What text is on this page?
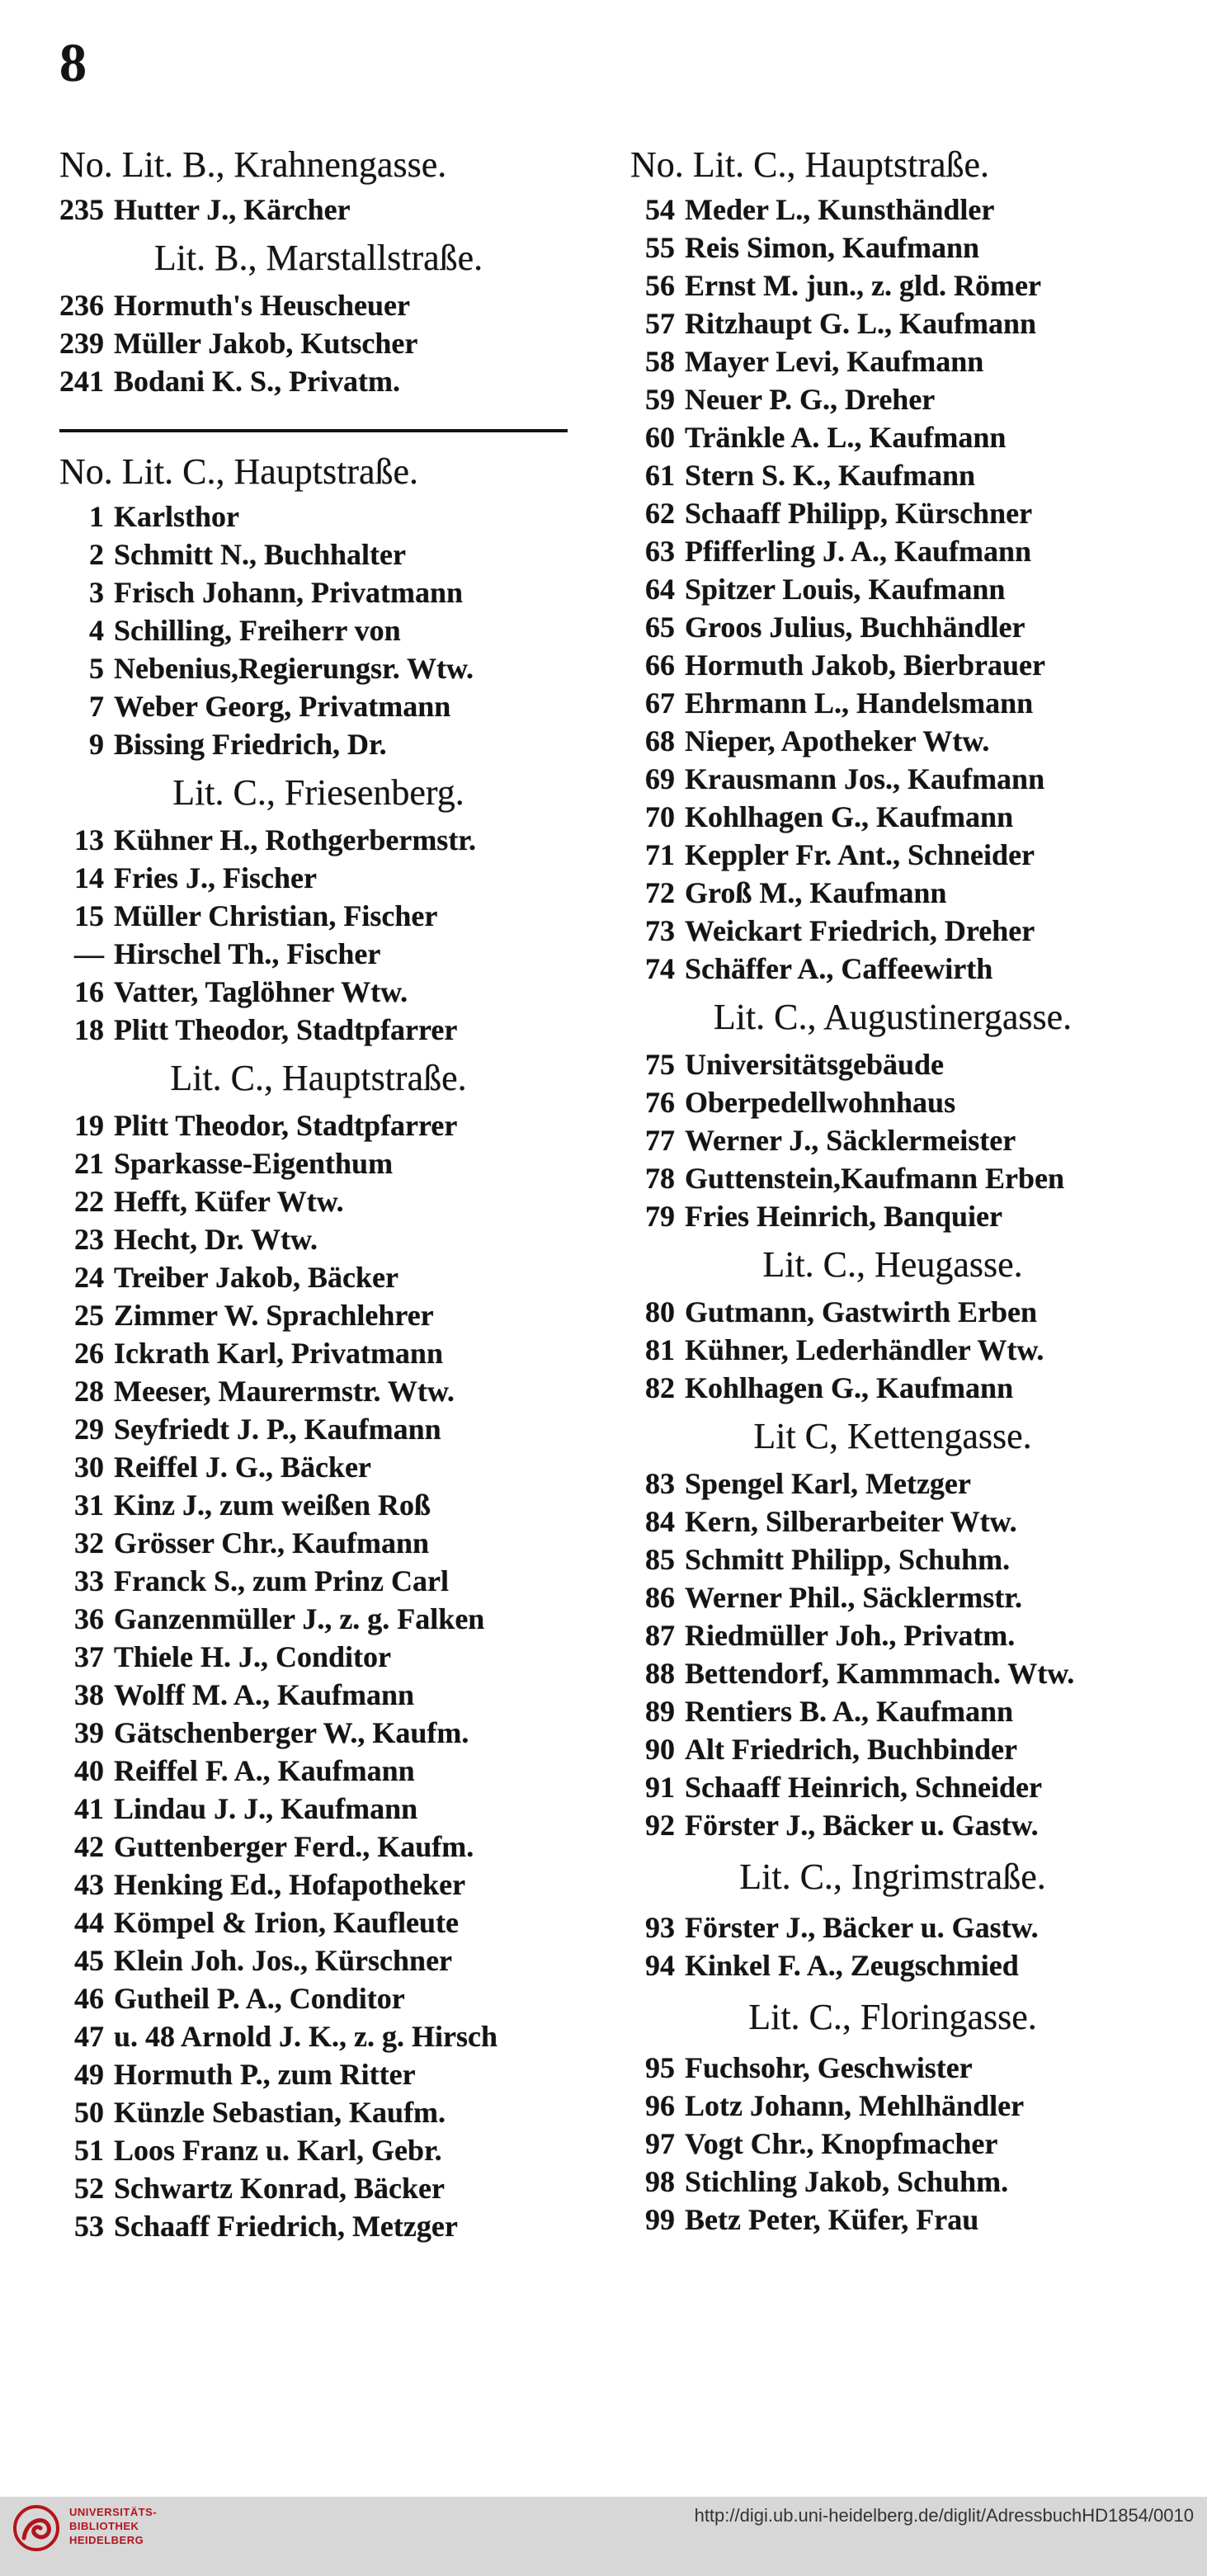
8
No. Lit. B., Krahnengasse.
235 Hutter J., Kärcher
Lit. B., Marstallstraße.
236 Hormuth's Heuscheuer
239 Müller Jakob, Kutscher
241 Bodani K. S., Privatm.
No. Lit. C., Hauptstraße.
1 Karlsthor
2 Schmitt N., Buchhalter
3 Frisch Johann, Privatmann
4 Schilling, Freiherr von
5 Nebenius,Regierungsr. Wtw.
7 Weber Georg, Privatmann
9 Bissing Friedrich, Dr.
Lit. C., Friesenberg.
13 Kühner H., Rothgerbermstr.
14 Fries J., Fischer
15 Müller Christian, Fischer
— Hirschel Th., Fischer
16 Vatter, Taglöhner Wtw.
18 Plitt Theodor, Stadtpfarrer
Lit. C., Hauptstraße.
19 Plitt Theodor, Stadtpfarrer
21 Sparkasse-Eigenthum
22 Hefft, Küfer Wtw.
23 Hecht, Dr. Wtw.
24 Treiber Jakob, Bäcker
25 Zimmer W. Sprachlehrer
26 Ickrath Karl, Privatmann
28 Meeser, Maurermstr. Wtw.
29 Seyfriedt J. P., Kaufmann
30 Reiffel J. G., Bäcker
31 Kinz J., zum weißen Roß
32 Grösser Chr., Kaufmann
33 Franck S., zum Prinz Carl
36 Ganzenmüller J., z. g. Falken
37 Thiele H. J., Conditor
38 Wolff M. A., Kaufmann
39 Gätschenberger W., Kaufm.
40 Reiffel F. A., Kaufmann
41 Lindau J. J., Kaufmann
42 Guttenberger Ferd., Kaufm.
43 Henking Ed., Hofapotheker
44 Kömpel & Irion, Kaufleute
45 Klein Joh. Jos., Kürschner
46 Gutheil P. A., Conditor
47 u. 48 Arnold J. K., z. g. Hirsch
49 Hormuth P., zum Ritter
50 Künzle Sebastian, Kaufm.
51 Loos Franz u. Karl, Gebr.
52 Schwartz Konrad, Bäcker
53 Schaaff Friedrich, Metzger
No. Lit. C., Hauptstraße.
54 Meder L., Kunsthändler
55 Reis Simon, Kaufmann
56 Ernst M. jun., z. gld. Römer
57 Ritzhaupt G. L., Kaufmann
58 Mayer Levi, Kaufmann
59 Neuer P. G., Dreher
60 Tränkle A. L., Kaufmann
61 Stern S. K., Kaufmann
62 Schaaff Philipp, Kürschner
63 Pfifferling J. A., Kaufmann
64 Spitzer Louis, Kaufmann
65 Groos Julius, Buchhändler
66 Hormuth Jakob, Bierbrauer
67 Ehrmann L., Handelsmann
68 Nieper, Apotheker Wtw.
69 Krausmann Jos., Kaufmann
70 Kohlhagen G., Kaufmann
71 Keppler Fr. Ant., Schneider
72 Groß M., Kaufmann
73 Weickart Friedrich, Dreher
74 Schäffer A., Caffeewirth
Lit. C., Augustinergasse.
75 Universitätsgebäude
76 Oberpedellwohnhaus
77 Werner J., Säcklermeister
78 Guttenstein,Kaufmann Erben
79 Fries Heinrich, Banquier
Lit. C., Heugasse.
80 Gutmann, Gastwirth Erben
81 Kühner, Lederhändler Wtw.
82 Kohlhagen G., Kaufmann
Lit C, Kettengasse.
83 Spengel Karl, Metzger
84 Kern, Silberarbeiter Wtw.
85 Schmitt Philipp, Schuhm.
86 Werner Phil., Säcklermstr.
87 Riedmüller Joh., Privatm.
88 Bettendorf, Kammmach. Wtw.
89 Rentiers B. A., Kaufmann
90 Alt Friedrich, Buchbinder
91 Schaaff Heinrich, Schneider
92 Förster J., Bäcker u. Gastw.
Lit. C., Ingrimstraße.
93 Förster J., Bäcker u. Gastw.
94 Kinkel F. A., Zeugschmied
Lit. C., Floringasse.
95 Fuchsohr, Geschwister
96 Lotz Johann, Mehlhändler
97 Vogt Chr., Knopfmacher
98 Stichling Jakob, Schuhm.
99 Betz Peter, Küfer, Frau
UNIVERSITÄTS-
BIBLIOTHEK
HEIDELBERG
http://digi.ub.uni-heidelberg.de/diglit/AdressbuchHD1854/0010
